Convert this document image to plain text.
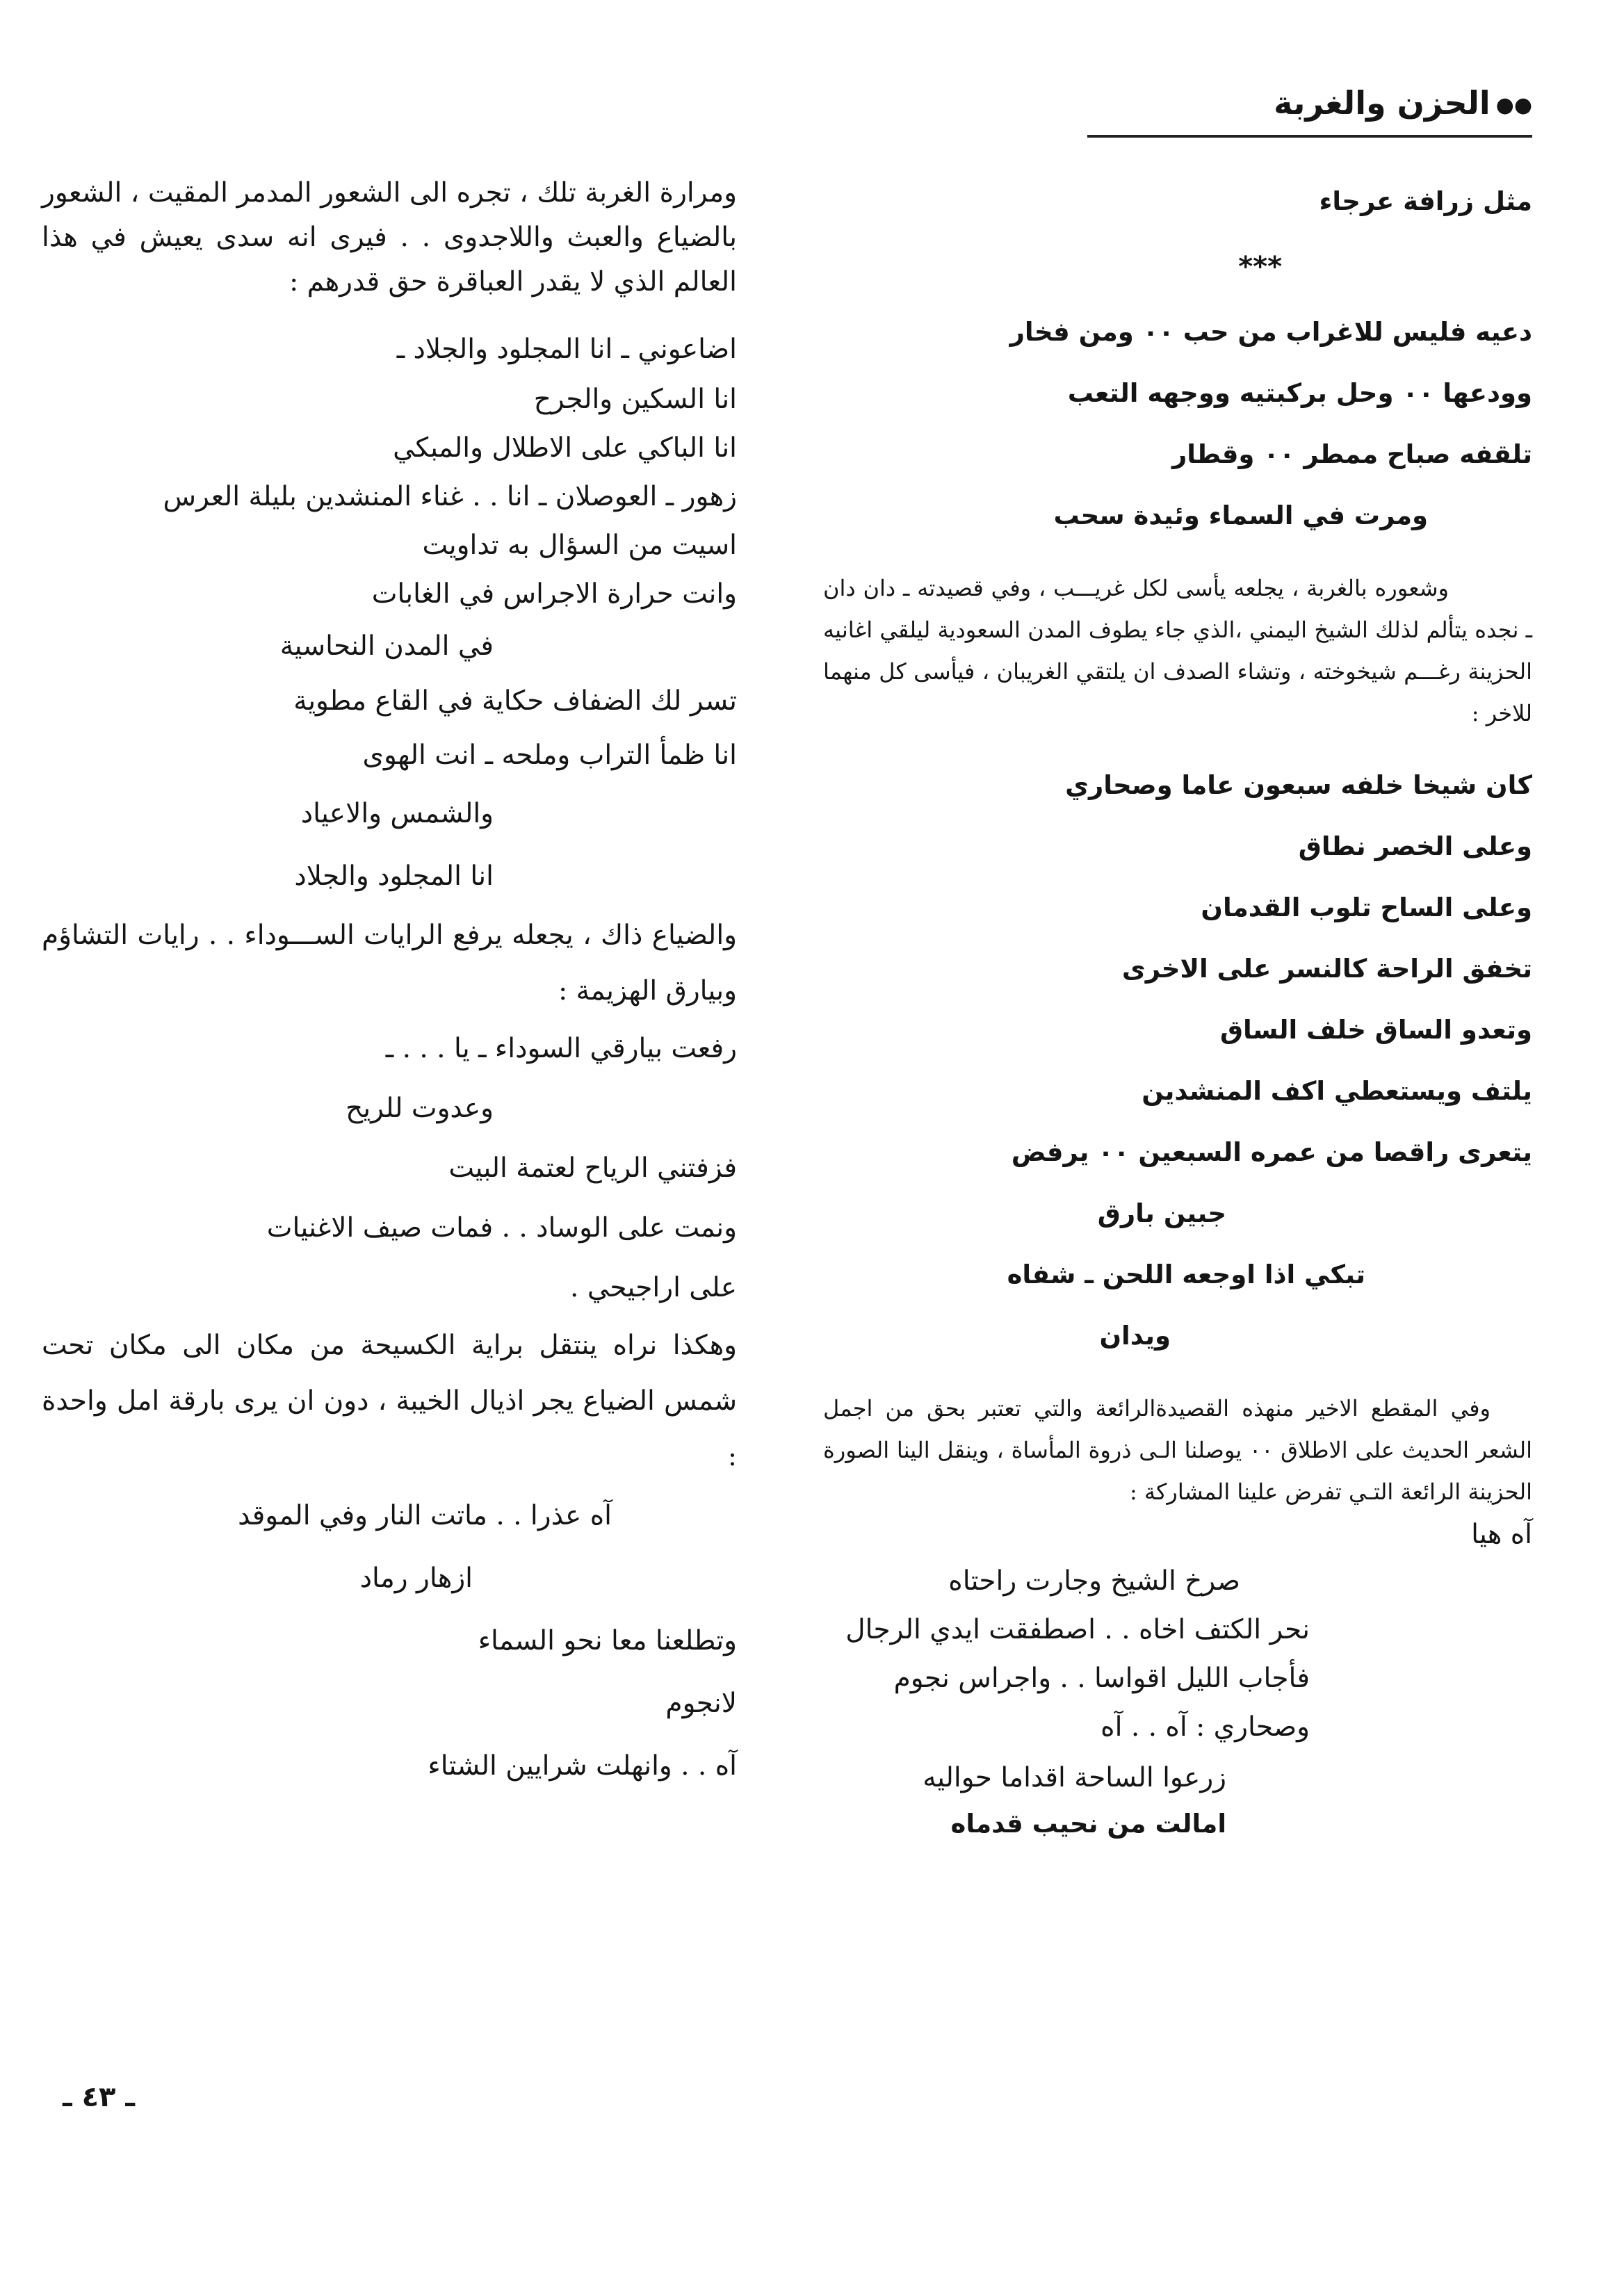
●●الحزن والغربة
مثل زرافة عرجاء
***
دعيه فليس للاغراب من حب ٠٠ ومن فخار
وودعها ٠٠ وحل بركبتيه ووجهه التعب
تلقفه صباح ممطر ٠٠ وقطار
ومرت في السماء وئيدة سحب

وشعوره بالغربة ، يجلعه يأسى لكل غريـــب ، وفي قصيدته ـ دان دان ـ نجده يتألم لذلك الشيخ اليمني ،الذي جاء يطوف المدن السعودية ليلقي اغانيه الحزينة رغـــم شيخوخته ، وتشاء الصدف ان يلتقي الغريبان ، فيأسى كل منهما للاخر :

كان شيخا خلفه سبعون عاما وصحاري
وعلى الخصر نطاق
وعلى الساح تلوب القدمان
تخفق الراحة كالنسر على الاخرى
وتعدو الساق خلف الساق
يلتف ويستعطي اكف المنشدين
يتعرى راقصا من عمره السبعين ٠٠ يرفض
جبين بارق
تبكي اذا اوجعه اللحن ـ شفاه
ويدان

وفي المقطع الاخير منهذه القصيدةالرائعة والتي تعتبر بحق من اجمل الشعر الحديث على الاطلاق ٠٠ يوصلنا الـى ذروة المأساة ، وينقل الينا الصورة الحزينة الرائعة التـي تفرض علينا المشاركة :

آه هيا
صرخ الشيخ وجارت راحتاه
نحر الكتف اخاه . . اصطفقت ايدي الرجال
فأجاب الليل اقواسا . . واجراس نجوم
وصحاري : آه . . آه
زرعوا الساحة اقداما حواليه
امالت من نحيب قدماه

ومرارة الغربة تلك ، تجره الى الشعور المدمر المقيت ، الشعور بالضياع والعبث واللاجدوى . . فيرى انه سدى يعيش في هذا العالم الذي لا يقدر العباقرة حق قدرهم :

اضاعوني ـ انا المجلود والجلاد ـ
انا السكين والجرح
انا الباكي على الاطلال والمبكي
زهور ـ العوصلان ـ انا . . غناء المنشدين بليلة العرس
اسيت من السؤال به تداويت
وانت حرارة الاجراس في الغابات
في المدن النحاسية
تسر لك الضفاف حكاية في القاع مطوية
انا ظمأ التراب وملحه ـ انت الهوى
والشمس والاعياد
انا المجلود والجلاد

والضياع ذاك ، يجعله يرفع الرايات الســـوداء . . رايات التشاؤم وبيارق الهزيمة :

رفعت بيارقي السوداء ـ يا . . . ـ
وعدوت للريح
فزفتني الرياح لعتمة البيت
ونمت على الوساد . . فمات صيف الاغنيات
على اراجيحي .

وهكذا نراه ينتقل براية الكسيحة من مكان الى مكان تحت شمس الضياع يجر اذيال الخيبة ، دون ان يرى بارقة امل واحدة :

آه عذرا . . ماتت النار وفي الموقد
ازهار رماد
وتطلعنا معا نحو السماء
لانجوم
آه . . وانهلت شرايين الشتاء
ـ ٤٣ ـ
